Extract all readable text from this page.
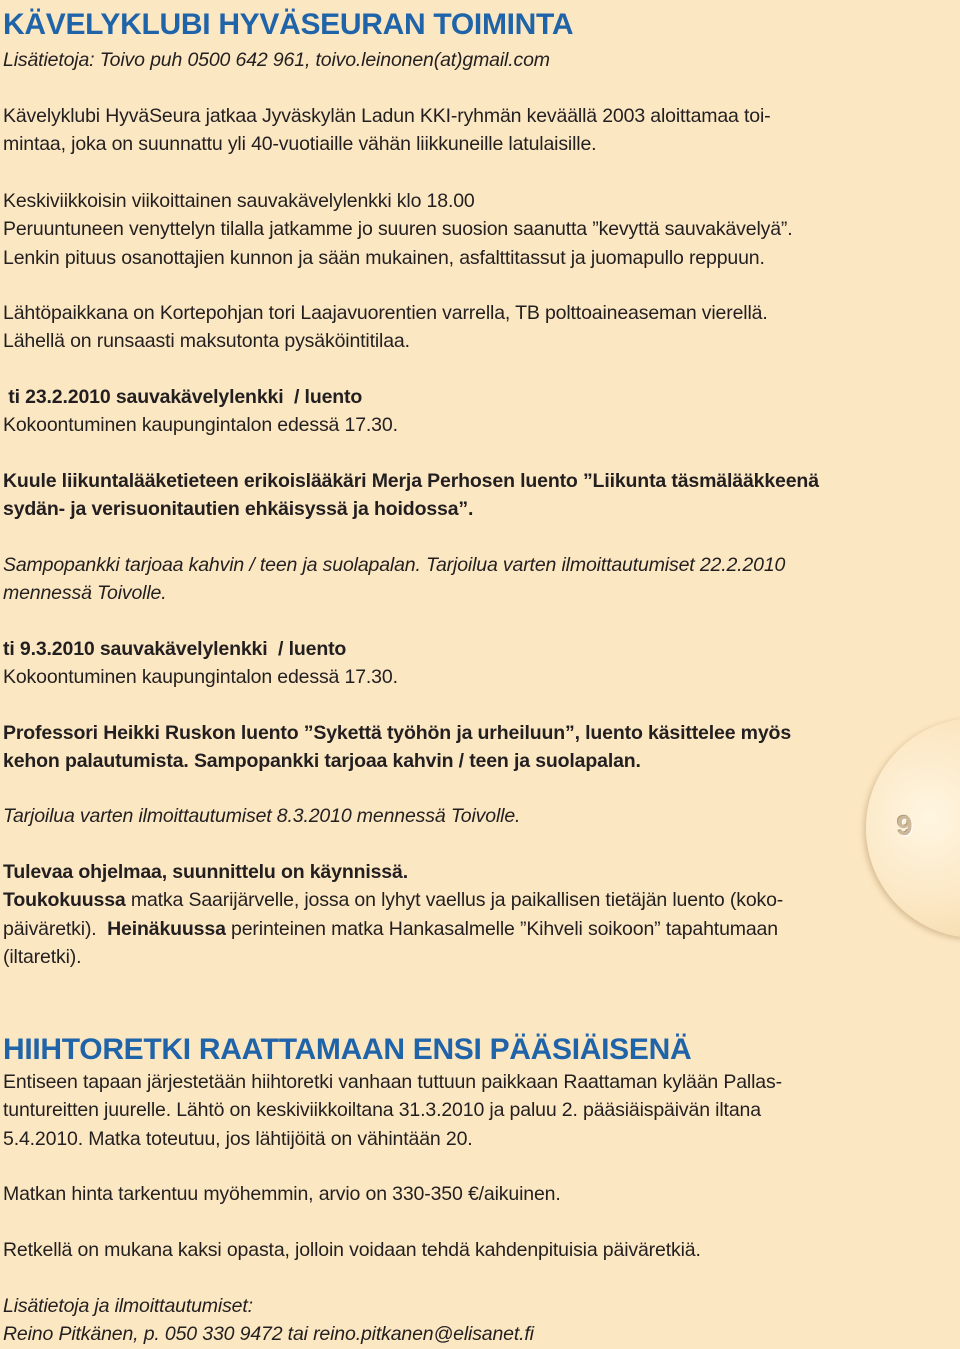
KÄVELYKLUBI HYVÄSEURAN TOIMINTA
Lisätietoja: Toivo puh 0500 642 961, toivo.leinonen(at)gmail.com
Kävelyklubi HyväSeura jatkaa Jyväskylän Ladun KKI-ryhmän keväällä 2003 aloittamaa toi-
mintaa, joka on suunnattu yli 40-vuotiaille vähän liikkuneille latulaisille.
Keskiviikkoisin viikoittainen sauvakävelylenkki klo 18.00
Peruuntuneen venyttelyn tilalla jatkamme jo suuren suosion saanutta ”kevyttä sauvakävelyä”.
Lenkin pituus osanottajien kunnon ja sään mukainen, asfalttitassut ja juomapullo reppuun.
Lähtöpaikkana on Kortepohjan tori Laajavuorentien varrella, TB polttoaineaseman vierellä.
Lähellä on runsaasti maksutonta pysäköintitilaa.
ti 23.2.2010 sauvakävelylenkki  / luento
Kokoontuminen kaupungintalon edessä 17.30.
Kuule liikuntalääketieteen erikoislääkäri Merja Perhosen luento ”Liikunta täsmälääkkeenä
sydän- ja verisuonitautien ehkäisyssä ja hoidossa”.
Sampopankki tarjoaa kahvin / teen ja suolapalan. Tarjoilua varten ilmoittautumiset 22.2.2010
mennessä Toivolle.
ti 9.3.2010 sauvakävelylenkki  / luento
Kokoontuminen kaupungintalon edessä 17.30.
Professori Heikki Ruskon luento ”Sykettä työhön ja urheiluun”, luento käsittelee myös
kehon palautumista. Sampopankki tarjoaa kahvin / teen ja suolapalan.
Tarjoilua varten ilmoittautumiset 8.3.2010 mennessä Toivolle.
Tulevaa ohjelmaa, suunnittelu on käynnissä.
Toukokuussa matka Saarijärvelle, jossa on lyhyt vaellus ja paikallisen tietäjän luento (koko-
päiväretki).  Heinäkuussa perinteinen matka Hankasalmelle ”Kihveli soikoon” tapahtumaan
(iltaretki).
HIIHTORETKI RAATTAMAAN ENSI PÄÄSIÄISENÄ
Entiseen tapaan järjestetään hiihtoretki vanhaan tuttuun paikkaan Raattaman kylään Pallas-
tuntureitten juurelle. Lähtö on keskiviikkoiltana 31.3.2010 ja paluu 2. pääsiäispäivän iltana
5.4.2010. Matka toteutuu, jos lähtijöitä on vähintään 20.
Matkan hinta tarkentuu myöhemmin, arvio on 330-350 €/aikuinen.
Retkellä on mukana kaksi opasta, jolloin voidaan tehdä kahdenpituisia päiväretkiä.
Lisätietoja ja ilmoittautumiset:
Reino Pitkänen, p. 050 330 9472 tai reino.pitkanen@elisanet.fi
9
